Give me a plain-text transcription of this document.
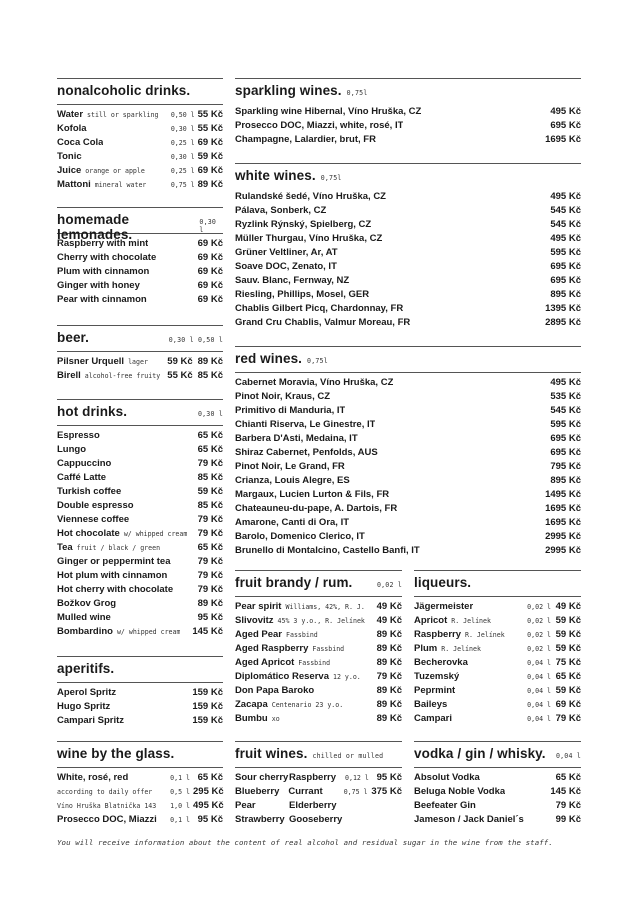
nonalcoholic drinks.
Water still or sparkling 0,50 l 55 Kč
Kofola	0,30 l 55 Kč
Coca Cola	0,25 l 69 Kč
Tonic	0,30 l 59 Kč
Juice orange or apple	0,25 l 69 Kč
Mattoni mineral water	0,75 l 89 Kč
homemade lemonades.
0,30 l
Raspberry with mint	69 Kč
Cherry with chocolate	69 Kč
Plum with cinnamon	69 Kč
Ginger with honey	69 Kč
Pear with cinnamon	69 Kč
beer.	0,30 l 0,50 l
Pilsner Urquell lager 59 Kč 89 Kč
Birell alcohol-free fruity 55 Kč 85 Kč
hot drinks.	0,30 l
Espresso	65 Kč
Lungo	65 Kč
Cappuccino	79 Kč
Caffé Latte	85 Kč
Turkish coffee	59 Kč
Double espresso	85 Kč
Viennese coffee	79 Kč
Hot chocolate w/ whipped cream 79 Kč
Tea fruit / black / green	65 Kč
Ginger or peppermint tea	79 Kč
Hot plum with cinnamon	79 Kč
Hot cherry with chocolate	79 Kč
Božkov Grog	89 Kč
Mulled wine	95 Kč
Bombardino w/ whipped cream 145 Kč
aperitifs.
Aperol Spritz	159 Kč
Hugo Spritz	159 Kč
Campari Spritz	159 Kč
wine by the glass.
White, rosé, red	0,1 l 65 Kč
according to daily offer	0,5 l 295 Kč
Víno Hruška Blatnička 143 1,0 l 495 Kč
Prosecco DOC, Miazzi 0,1 l 95 Kč
sparkling wines. 0,75l
Sparkling wine Hibernal, Víno Hruška, CZ	495 Kč
Prosecco DOC, Miazzi, white, rosé, IT	695 Kč
Champagne, Lalardier, brut, FR	1695 Kč
white wines. 0,75l
Rulandské šedé, Víno Hruška, CZ	495 Kč
Pálava, Sonberk, CZ	545 Kč
Ryzlink Rýnský, Spielberg, CZ	545 Kč
Müller Thurgau, Víno Hruška, CZ	495 Kč
Grüner Veltliner, Ar, AT	595 Kč
Soave DOC, Zenato, IT	695 Kč
Sauv. Blanc, Fernway, NZ	695 Kč
Riesling, Phillips, Mosel, GER	895 Kč
Chablis Gilbert Picq, Chardonnay, FR	1395 Kč
Grand Cru Chablis, Valmur Moreau, FR	2895 Kč
red wines. 0,75l
Cabernet Moravia, Víno Hruška, CZ	495 Kč
Pinot Noir, Kraus, CZ	535 Kč
Primitivo di Manduria, IT	545 Kč
Chianti Riserva, Le Ginestre, IT	595 Kč
Barbera D'Asti, Medaina, IT	695 Kč
Shiraz Cabernet, Penfolds, AUS	695 Kč
Pinot Noir, Le Grand, FR	795 Kč
Crianza, Louis Alegre, ES	895 Kč
Margaux, Lucien Lurton & Fils, FR	1495 Kč
Chateauneu-du-pape, A. Dartois, FR	1695 Kč
Amarone, Canti di Ora, IT	1695 Kč
Barolo, Domenico Clerico, IT	2995 Kč
Brunello di Montalcino, Castello Banfi, IT	2995 Kč
fruit brandy / rum.	0,02 l
Pear spirit Williams, 42%, R. J. 49 Kč
Slivovitz 45% 3 y.o., R. Jelínek 49 Kč
Aged Pear Fassbind	89 Kč
Aged Raspberry Fassbind	89 Kč
Aged Apricot Fassbind	89 Kč
Diplomático Reserva 12 y.o. 79 Kč
Don Papa Baroko	89 Kč
Zacapa Centenario 23 y.o.	89 Kč
Bumbu xo	89 Kč
liqueurs.
Jägermeister	0,02 l 49 Kč
Apricot R. Jelínek	0,02 l 59 Kč
Raspberry R. Jelínek	0,02 l 59 Kč
Plum R. Jelínek	0,02 l 59 Kč
Becherovka	0,04 l 75 Kč
Tuzemský	0,04 l 65 Kč
Peprmint	0,04 l 59 Kč
Baileys	0,04 l 69 Kč
Campari	0,04 l 79 Kč
fruit wines. chilled or mulled
Sour cherry Raspberry	0,12 l 95 Kč
Blueberry Currant	0,75 l 375 Kč
Pear	Elderberry
Strawberry Gooseberry
vodka / gin / whisky. 0,04 l
Absolut Vodka	65 Kč
Beluga Noble Vodka	145 Kč
Beefeater Gin	79 Kč
Jameson / Jack Daniel´s	99 Kč
You will receive information about the content of real alcohol and residual sugar in the wine from the staff.
